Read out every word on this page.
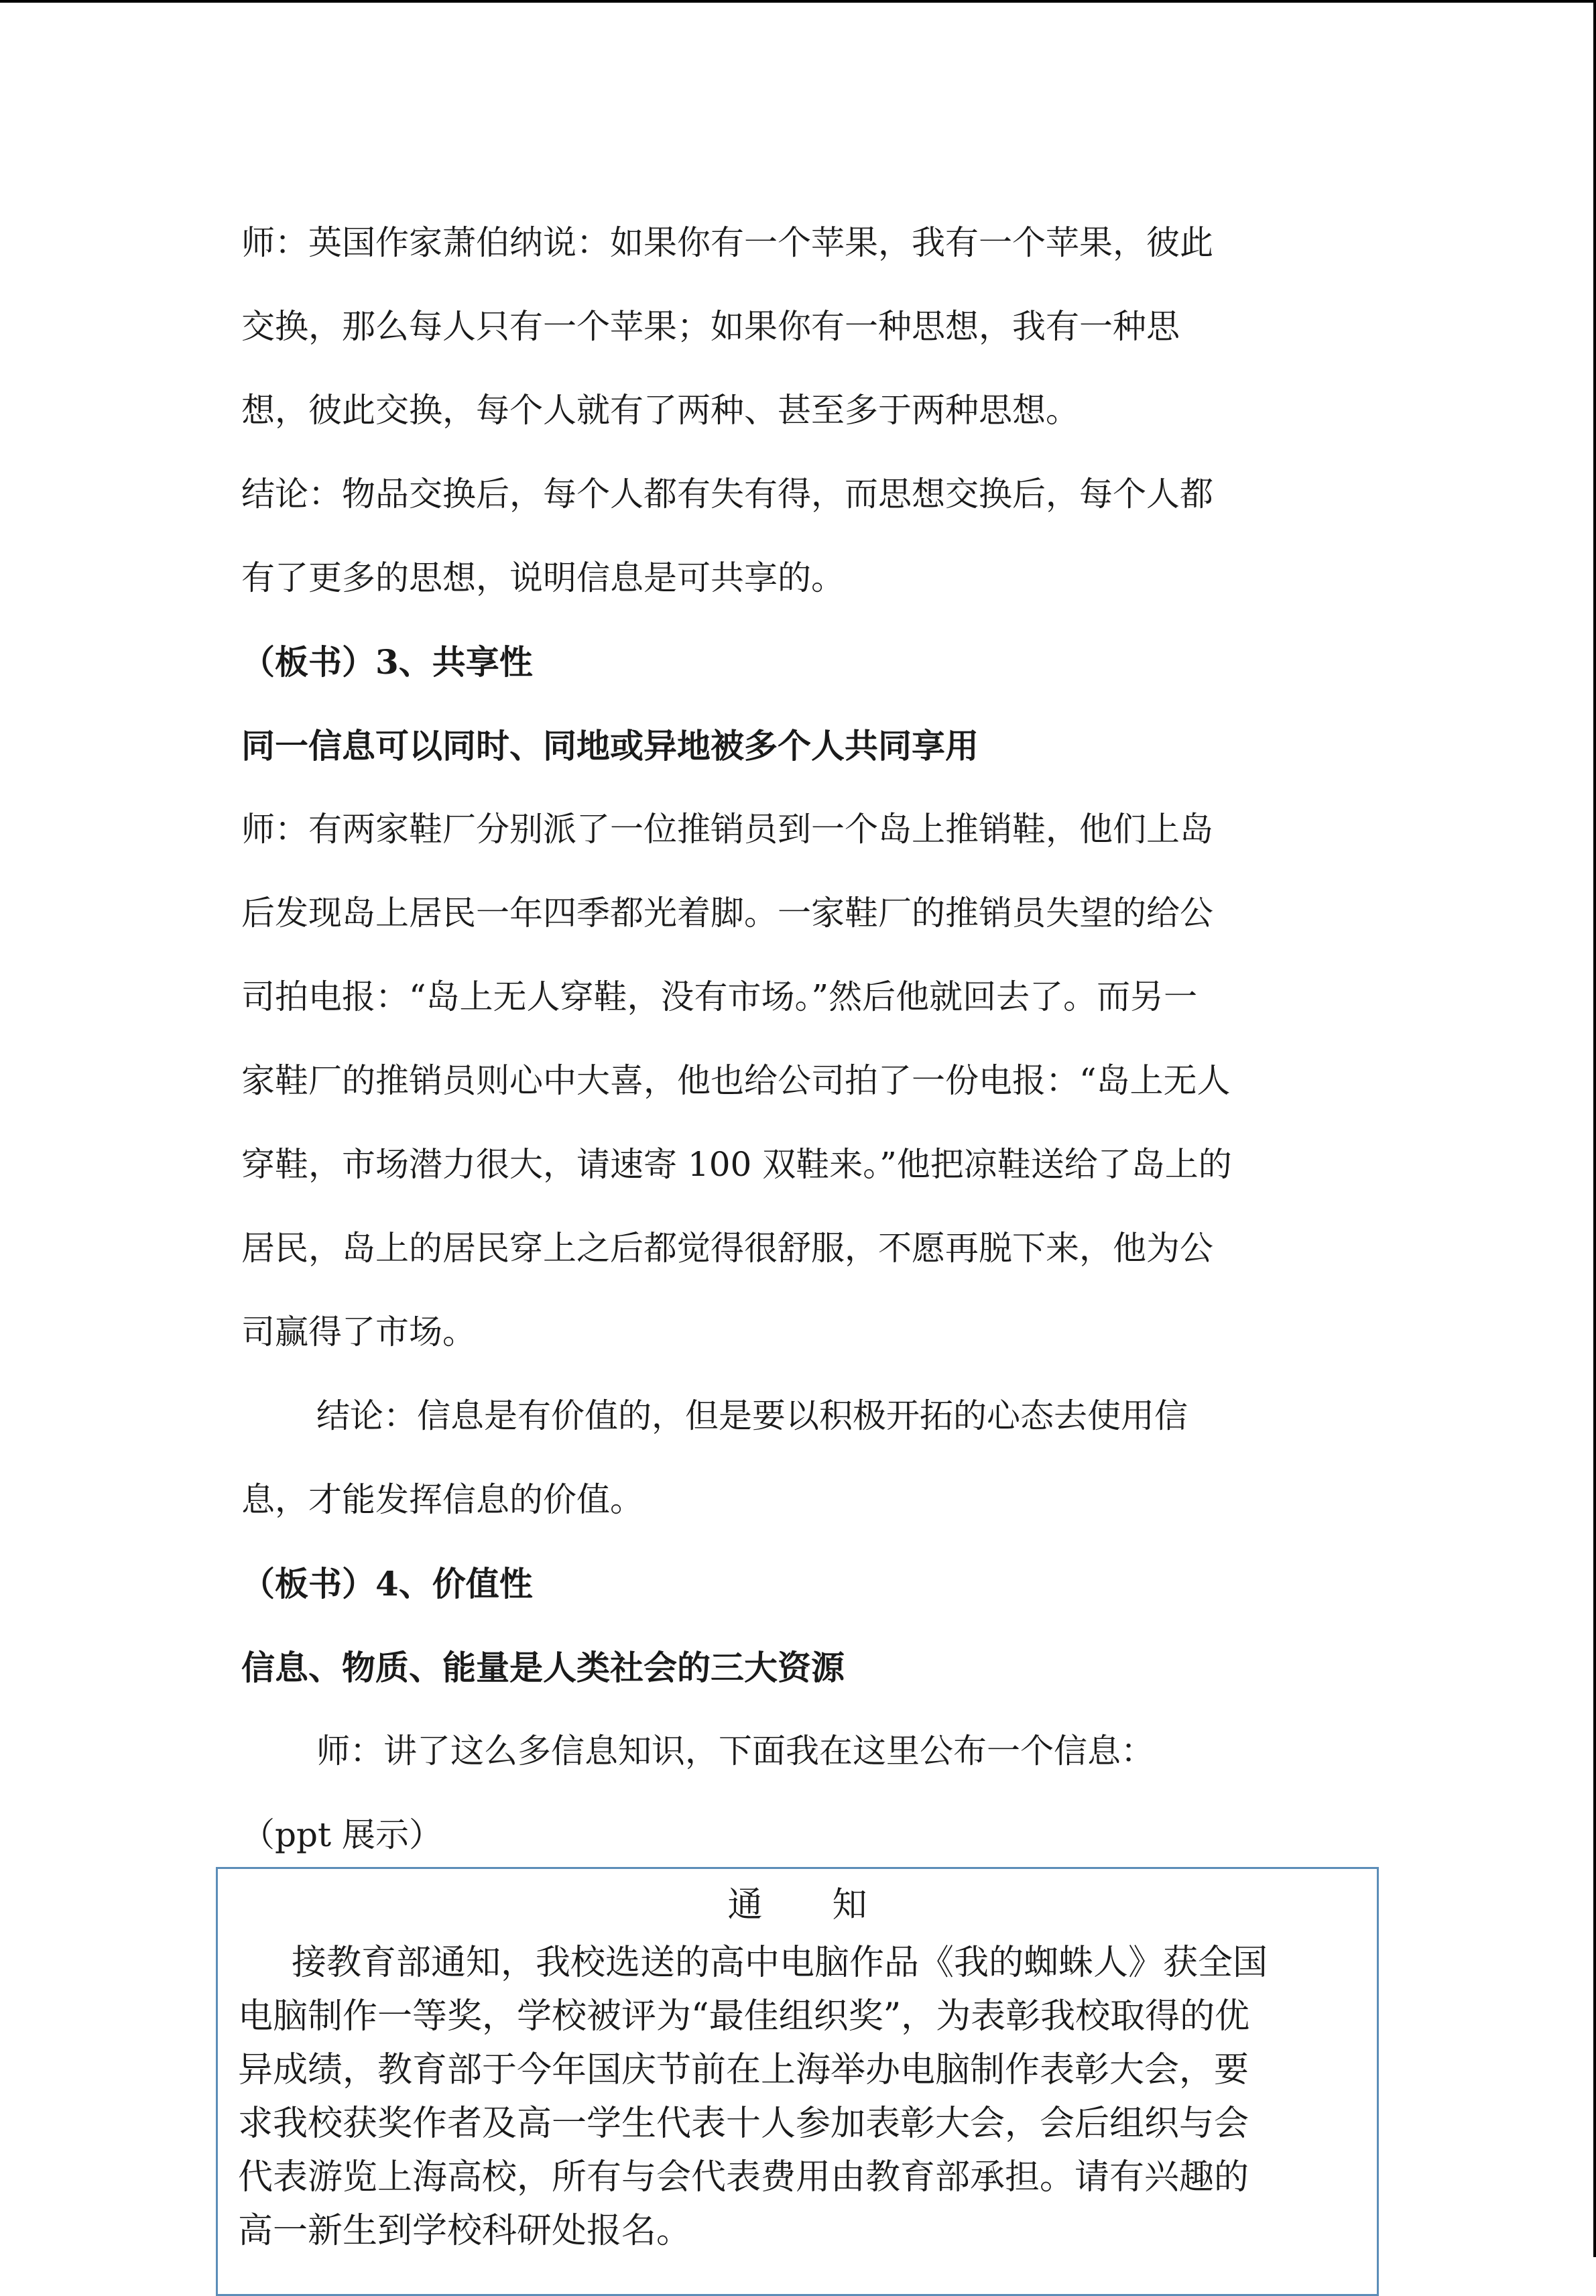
师：英国作家萧伯纳说：如果你有一个苹果，我有一个苹果，彼此

交换，那么每人只有一个苹果；如果你有一种思想，我有一种思

想，彼此交换，每个人就有了两种、甚至多于两种思想。

结论：物品交换后，每个人都有失有得，而思想交换后，每个人都

有了更多的思想，说明信息是可共享的。

（板书）3、共享性

同一信息可以同时、同地或异地被多个人共同享用

师：有两家鞋厂分别派了一位推销员到一个岛上推销鞋，他们上岛

后发现岛上居民一年四季都光着脚。一家鞋厂的推销员失望的给公

司拍电报：“岛上无人穿鞋，没有市场。”然后他就回去了。而另一

家鞋厂的推销员则心中大喜，他也给公司拍了一份电报：“岛上无人

穿鞋，市场潜力很大，请速寄 100 双鞋来。”他把凉鞋送给了岛上的

居民，岛上的居民穿上之后都觉得很舒服，不愿再脱下来，他为公

司赢得了市场。

结论：信息是有价值的，但是要以积极开拓的心态去使用信

息，才能发挥信息的价值。

（板书）4、价值性

信息、物质、能量是人类社会的三大资源

师：讲了这么多信息知识，下面我在这里公布一个信息：

（ppt 展示）

通　　知

接教育部通知，我校选送的高中电脑作品《我的蜘蛛人》获全国

电脑制作一等奖，学校被评为“最佳组织奖”，为表彰我校取得的优

异成绩，教育部于今年国庆节前在上海举办电脑制作表彰大会，要

求我校获奖作者及高一学生代表十人参加表彰大会，会后组织与会

代表游览上海高校，所有与会代表费用由教育部承担。请有兴趣的

高一新生到学校科研处报名。
